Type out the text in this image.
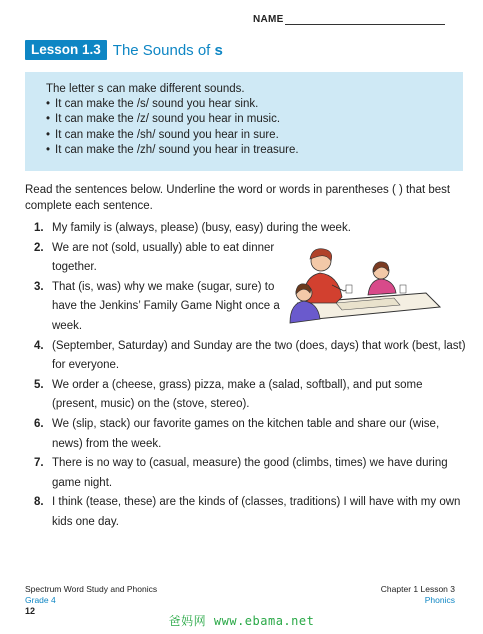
NAME
Lesson 1.3 The Sounds of s
The letter s can make different sounds.
• It can make the /s/ sound you hear sink.
• It can make the /z/ sound you hear in music.
• It can make the /sh/ sound you hear in sure.
• It can make the /zh/ sound you hear in treasure.
Read the sentences below. Underline the word or words in parentheses ( ) that best complete each sentence.
1. My family is (always, please) (busy, easy) during the week.
2. We are not (sold, usually) able to eat dinner together.
3. That (is, was) why we make (sugar, sure) to have the Jenkins’ Family Game Night once a week.
4. (September, Saturday) and Sunday are the two (does, days) that work (best, last) for everyone.
5. We order a (cheese, grass) pizza, make a (salad, softball), and put some (present, music) on the (stove, stereo).
6. We (slip, stack) our favorite games on the kitchen table and share our (wise, news) from the week.
7. There is no way to (casual, measure) the good (climbs, times) we have during game night.
8. I think (tease, these) are the kinds of (classes, traditions) I will have with my own kids one day.
Spectrum Word Study and Phonics
Grade 4
Chapter 1 Lesson 3
Phonics
12
爸妈网 www.ebama.net
